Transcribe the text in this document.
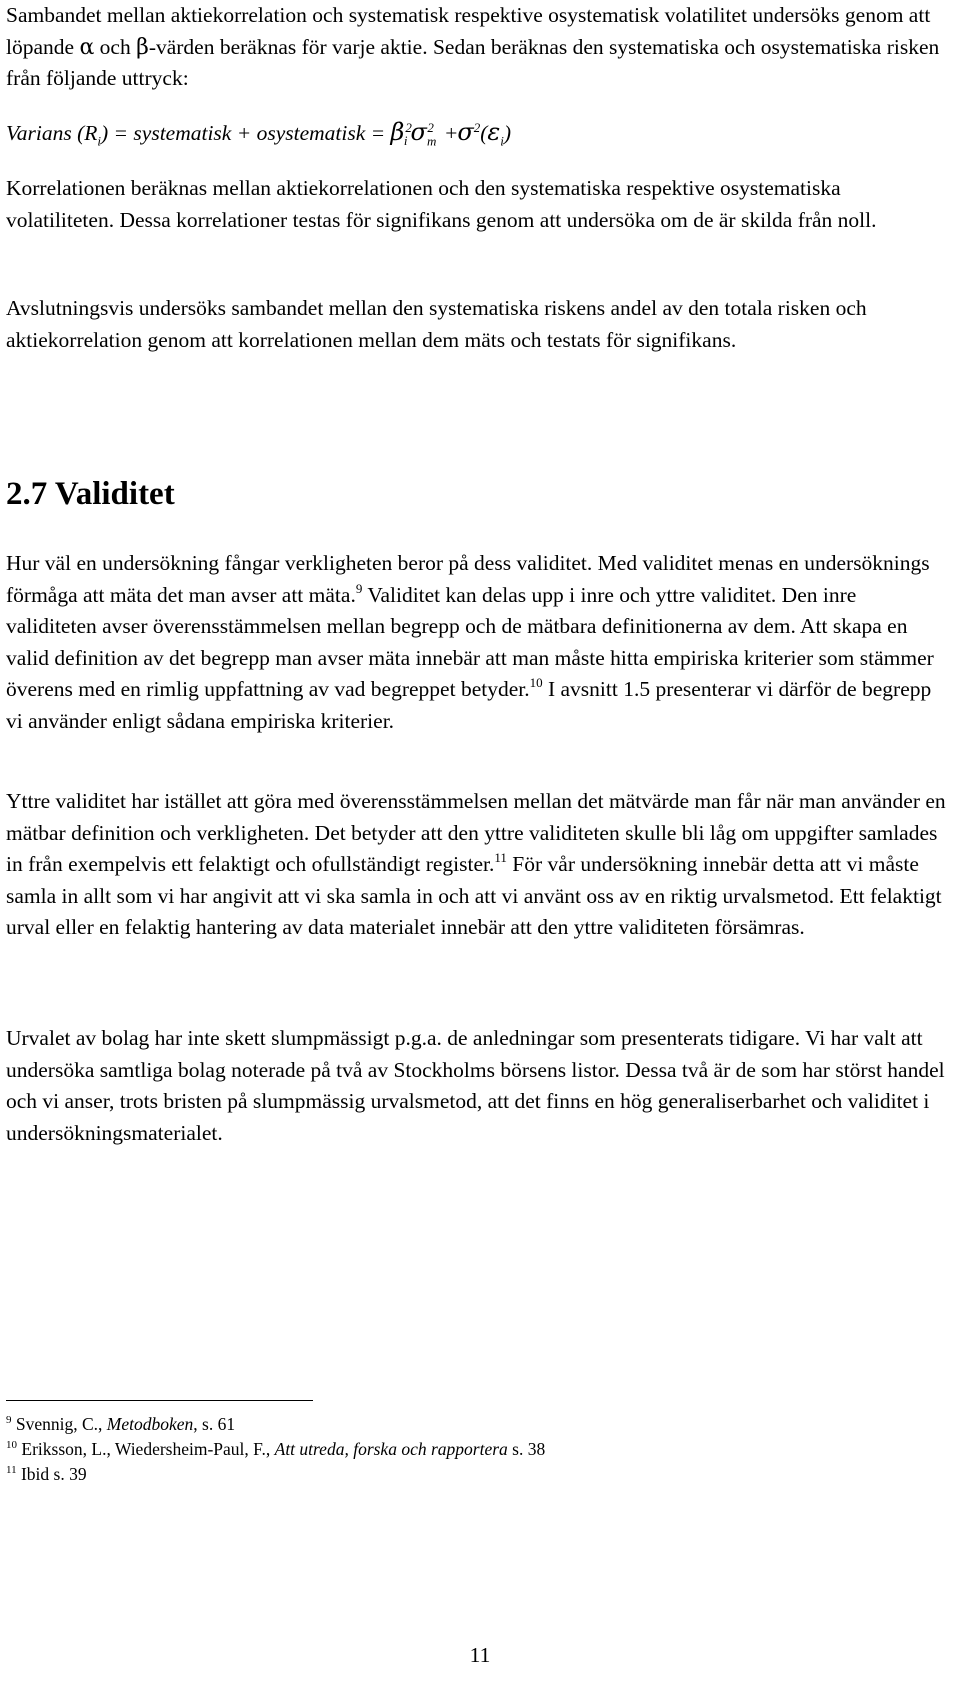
Sambandet mellan aktiekorrelation och systematisk respektive osystematisk volatilitet undersöks genom att löpande α och β-värden beräknas för varje aktie. Sedan beräknas den systematiska och osystematiska risken från följande uttryck:

Varians $(R_i)$ = systematisk + osystematisk = $\beta^2_i$ $\sigma_m^2 +\sigma^2(\varepsilon_i)$

Korrelationen beräknas mellan aktiekorrelationen och den systematiska respektive osystematiska volatiliteten. Dessa korrelationer testas för signifikans genom att undersöka om de är skilda från noll.

Avslutningsvis undersöks sambandet mellan den systematiska riskens andel av den totala risken och aktiekorrelation genom att korrelationen mellan dem mäts och testats för signifikans.

2.7 Validitet

Hur väl en undersökning fångar verkligheten beror på dess validitet. Med validitet menas en undersöknings förmåga att mäta det man avser att mäta.$^9$ Validitet kan delas upp i inre och yttre validitet. Den inre validiteten avser överensstämmelsen mellan begrepp och de mätbara definitionerna av dem. Att skapa en valid definition av det begrepp man avser mäta innebär att man måste hitta empiriska kriterier som stämmer överens med en rimlig uppfattning av vad begreppet betyder.$^{10}$ I avsnitt 1.5 presenterar vi därför de begrepp vi använder enligt sådana empiriska kriterier.

Yttre validitet har istället att göra med överensstämmelsen mellan det mätvärde man får när man använder en mätbar definition och verkligheten. Det betyder att den yttre validiteten skulle bli låg om uppgifter samlades in från exempelvis ett felaktigt och ofullständigt register.$^{11}$ För vår undersökning innebär detta att vi måste samla in allt som vi har angivit att vi ska samla in och att vi använt oss av en riktig urvalsmetod. Ett felaktigt urval eller en felaktig hantering av data materialet innebär att den yttre validiteten försämras.

Urvalet av bolag har inte skett slumpmässigt p.g.a. de anledningar som presenterats tidigare. Vi har valt att undersöka samtliga bolag noterade på två av Stockholms börsens listor. Dessa två är de som har störst handel och vi anser, trots bristen på slumpmässig urvalsmetod, att det finns en hög generaliserbarhet och validitet i undersökningsmaterialet.

$^9$ Svennig, C., Metodboken, s. 61
$^{10}$ Eriksson, L., Wiedersheim-Paul, F., Att utreda, forska och rapportera s. 38
$^{11}$ Ibid s. 39
11
